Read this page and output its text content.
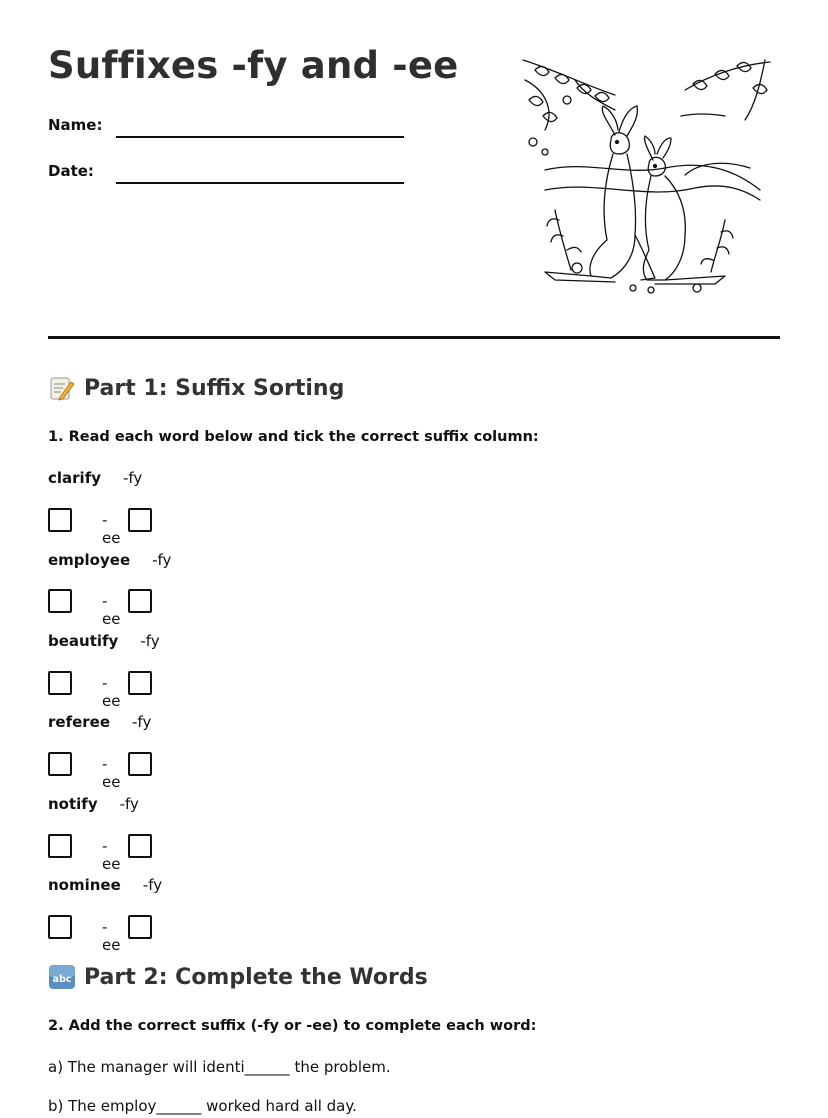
Suffixes -fy and -ee
Name:
Date:
Part 1: Suffix Sorting

1. Read each word below and tick the correct suffix column:

clarify -fy
-ee
employee -fy
-ee
beautify -fy
-ee
referee -fy
-ee
notify -fy
-ee
nominee -fy
-ee
abc Part 2: Complete the Words

2. Add the correct suffix (-fy or -ee) to complete each word:

a) The manager will identi______ the problem.
b) The employ______ worked hard all day.
